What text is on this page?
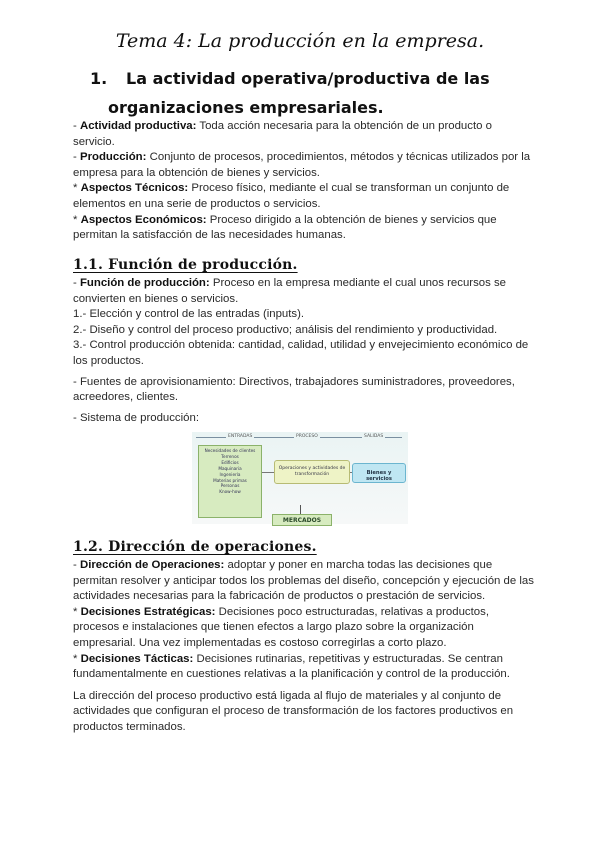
Tema 4: La producción en la empresa.
1. La actividad operativa/productiva de las
organizaciones empresariales.
- Actividad productiva: Toda acción necesaria para la obtención de un producto o servicio.
- Producción: Conjunto de procesos, procedimientos, métodos y técnicas utilizados por la empresa para la obtención de bienes y servicios.
* Aspectos Técnicos: Proceso físico, mediante el cual se transforman un conjunto de elementos en una serie de productos o servicios.
* Aspectos Económicos: Proceso dirigido a la obtención de bienes y servicios que permitan la satisfacción de las necesidades humanas.
1.1. Función de producción.
- Función de producción: Proceso en la empresa mediante el cual unos recursos se convierten en bienes o servicios.
1.- Elección y control de las entradas (inputs).
2.- Diseño y control del proceso productivo; análisis del rendimiento y productividad.
3.- Control producción obtenida: cantidad, calidad, utilidad y envejecimiento económico de los productos.
- Fuentes de aprovisionamiento: Directivos, trabajadores suministradores, proveedores, acreedores, clientes.
- Sistema de producción:
ENTRADAS	PROCESO	SALIDAS
Necesidades de clientes
Terrenos
Edificios
Maquinaria
Ingeniería
Materias primas
Personas
Know-how
Operaciones y actividades de transformación	Bienes y servicios
MERCADOS
1.2. Dirección de operaciones.
- Dirección de Operaciones: adoptar y poner en marcha todas las decisiones que permitan resolver y anticipar todos los problemas del diseño, concepción y ejecución de las actividades necesarias para la fabricación de productos o prestación de servicios.
* Decisiones Estratégicas: Decisiones poco estructuradas, relativas a productos, procesos e instalaciones que tienen efectos a largo plazo sobre la organización empresarial. Una vez implementadas es costoso corregirlas a corto plazo.
* Decisiones Tácticas: Decisiones rutinarias, repetitivas y estructuradas. Se centran fundamentalmente en cuestiones relativas a la planificación y control de la producción.
La dirección del proceso productivo está ligada al flujo de materiales y al conjunto de actividades que configuran el proceso de transformación de los factores productivos en productos terminados.
